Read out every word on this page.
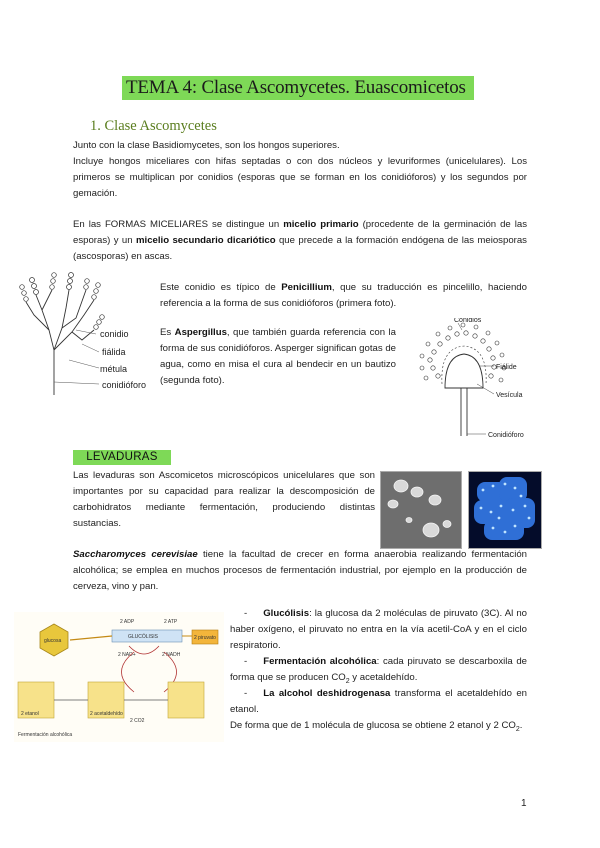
TEMA 4: Clase Ascomycetes. Euascomicetos
1. Clase Ascomycetes
Junto con la clase Basidiomycetes, son los hongos superiores.
Incluye hongos miceliares con hifas septadas o con dos núcleos y levuriformes (unicelulares). Los primeros se multiplican por conidios (esporas que se forman en los conidióforos) y los segundos por gemación.
En las FORMAS MICELIARES se distingue un micelio primario (procedente de la germinación de las esporas) y un micelio secundario dicariótico que precede a la formación endógena de las meiosporas (ascosporas) en ascas.
conidio
fiálida
métula
conidióforo
Este conidio es típico de Penicillium, que su traducción es pincelillo, haciendo referencia a la forma de sus conidióforos (primera foto).
Es Aspergillus, que también guarda referencia con la forma de sus conidióforos. Asperger significan gotas de agua, como en misa el cura al bendecir en un bautizo (segunda foto).
Conidios
Fiálide
Vesícula
Conidióforo
LEVADURAS
Las levaduras son Ascomicetos microscópicos unicelulares que son importantes por su capacidad para realizar la descomposición de carbohidratos mediante fermentación, produciendo distintas sustancias.
Saccharomyces cerevisiae tiene la facultad de crecer en forma anaerobia realizando fermentación alcohólica; se emplea en muchos procesos de fermentación industrial, por ejemplo en la producción de cerveza, vino y pan.
glucosa
GLUCÓLISIS
2 ADP	2 ATP
2 NAD+	2 NADH
2 piruvato
2 etanol	2 acetaldehído
2 CO2
Fermentación alcohólica
- Glucólisis: la glucosa da 2 moléculas de piruvato (3C). Al no haber oxígeno, el piruvato no entra en la vía acetil-CoA y en el ciclo respiratorio.
- Fermentación alcohólica: cada piruvato se descarboxila de forma que se producen $CO_2$ y acetaldehído.
- La alcohol deshidrogenasa transforma el acetaldehído en etanol.
De forma que de 1 molécula de glucosa se obtiene 2 etanol y 2 $CO_2$.
1
